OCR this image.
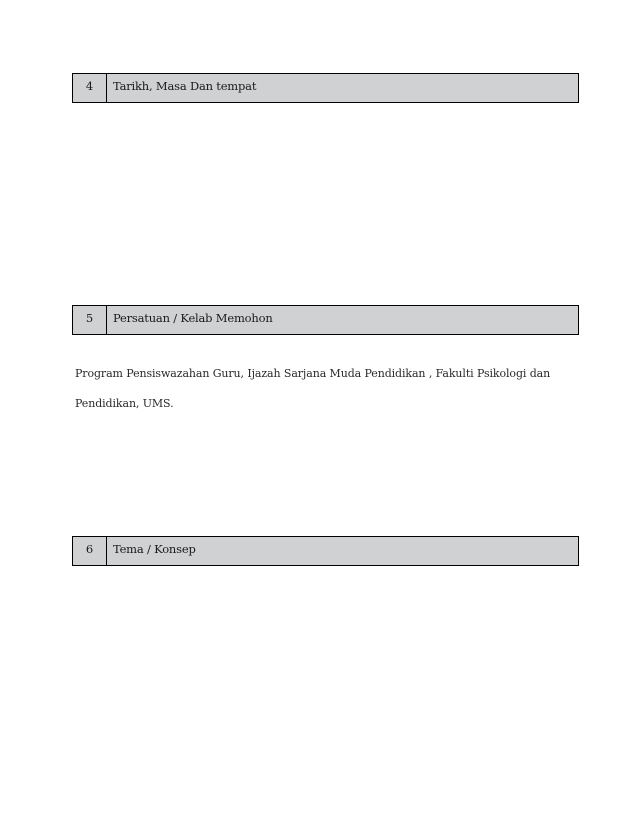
4	Tarikh, Masa Dan tempat
5	Persatuan / Kelab Memohon
Program Pensiswazahan Guru, Ijazah Sarjana Muda Pendidikan , Fakulti Psikologi dan
Pendidikan, UMS.
6	Tema / Konsep
